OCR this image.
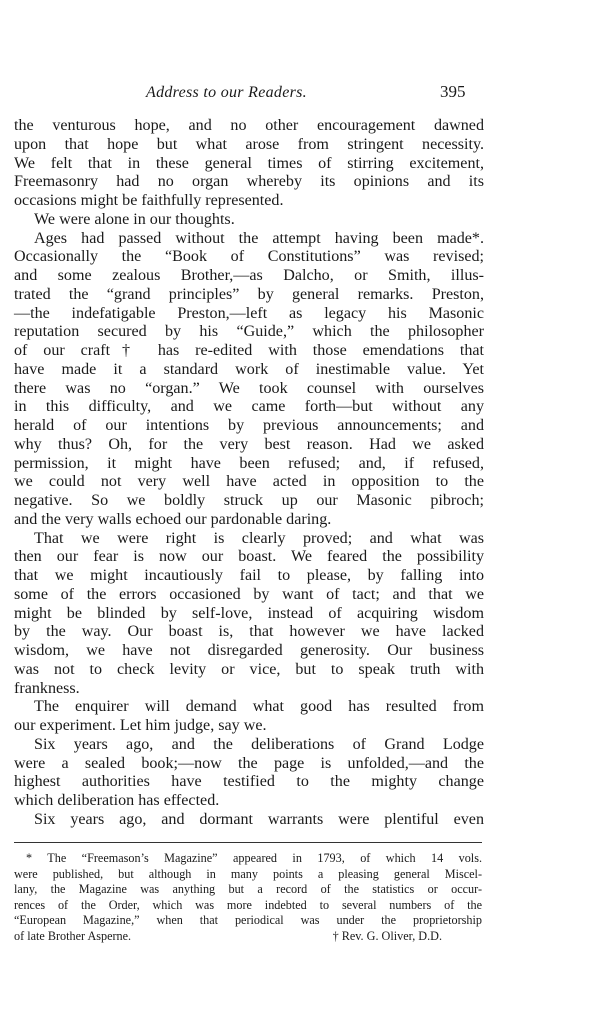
Address to our Readers.	395
the venturous hope, and no other encouragement dawned
upon that hope but what arose from stringent necessity.
We felt that in these general times of stirring excitement,
Freemasonry had no organ whereby its opinions and its
occasions might be faithfully represented.
We were alone in our thoughts.
Ages had passed without the attempt having been made*.
Occasionally the “Book of Constitutions” was revised;
and some zealous Brother,—as Dalcho, or Smith, illus-
trated the “grand principles” by general remarks. Preston,
—the indefatigable Preston,—left as legacy his Masonic
reputation secured by his “Guide,” which the philosopher
of our craft† has re-edited with those emendations that
have made it a standard work of inestimable value. Yet
there was no “organ.” We took counsel with ourselves
in this difficulty, and we came forth—but without any
herald of our intentions by previous announcements; and
why thus? Oh, for the very best reason. Had we asked
permission, it might have been refused; and, if refused,
we could not very well have acted in opposition to the
negative. So we boldly struck up our Masonic pibroch;
and the very walls echoed our pardonable daring.
That we were right is clearly proved; and what was
then our fear is now our boast. We feared the possibility
that we might incautiously fail to please, by falling into
some of the errors occasioned by want of tact; and that we
might be blinded by self-love, instead of acquiring wisdom
by the way. Our boast is, that however we have lacked
wisdom, we have not disregarded generosity. Our business
was not to check levity or vice, but to speak truth with
frankness.
The enquirer will demand what good has resulted from
our experiment. Let him judge, say we.
Six years ago, and the deliberations of Grand Lodge
were a sealed book;—now the page is unfolded,—and the
highest authorities have testified to the mighty change
which deliberation has effected.
Six years ago, and dormant warrants were plentiful even
* The “Freemason’s Magazine” appeared in 1793, of which 14 vols.
were published, but although in many points a pleasing general Miscel-
lany, the Magazine was anything but a record of the statistics or occur-
rences of the Order, which was more indebted to several numbers of the
“European Magazine,” when that periodical was under the proprietorship
of late Brother Asperne.	† Rev. G. Oliver, D.D.
